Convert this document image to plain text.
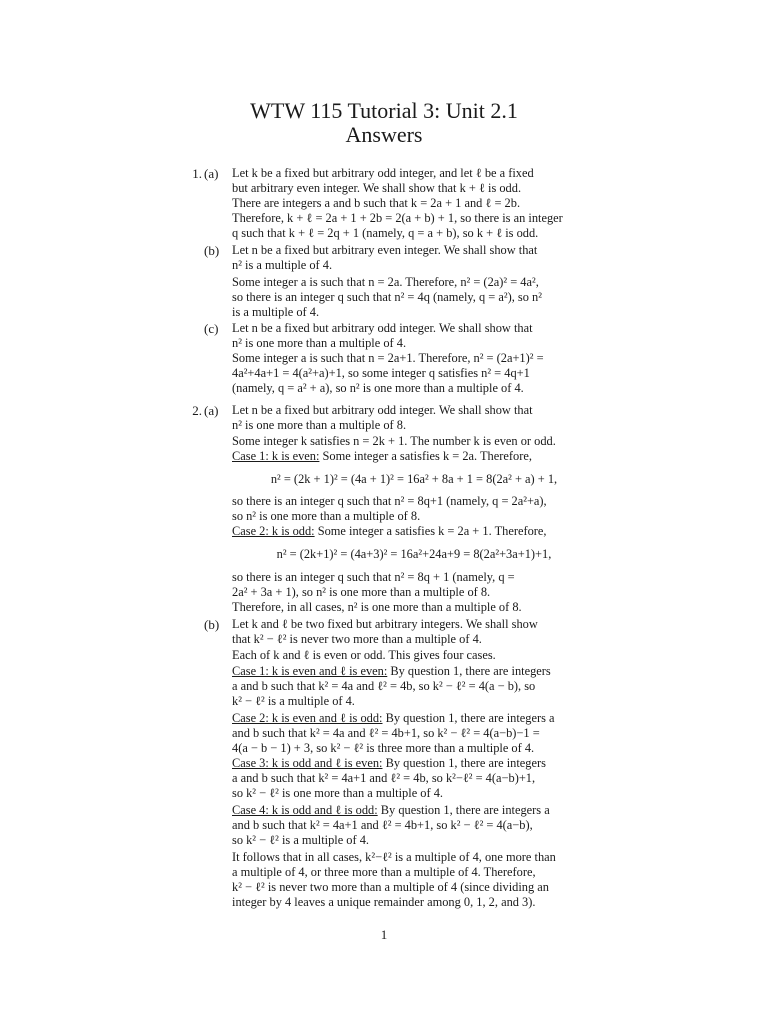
WTW 115 Tutorial 3: Unit 2.1
Answers
1. (a)	Let k be a fixed but arbitrary odd integer, and let ℓ be a fixed
but arbitrary even integer. We shall show that k + ℓ is odd.
There are integers a and b such that k = 2a + 1 and ℓ = 2b.
Therefore, k + ℓ = 2a + 1 + 2b = 2(a + b) + 1, so there is an integer
q such that k + ℓ = 2q + 1 (namely, q = a + b), so k + ℓ is odd.
(b)	Let n be a fixed but arbitrary even integer. We shall show that
n² is a multiple of 4.
Some integer a is such that n = 2a. Therefore, n² = (2a)² = 4a²,
so there is an integer q such that n² = 4q (namely, q = a²), so n²
is a multiple of 4.
(c)	Let n be a fixed but arbitrary odd integer. We shall show that
n² is one more than a multiple of 4.
Some integer a is such that n = 2a+1. Therefore, n² = (2a+1)² =
4a²+4a+1 = 4(a²+a)+1, so some integer q satisfies n² = 4q+1
(namely, q = a² + a), so n² is one more than a multiple of 4.
2. (a)	Let n be a fixed but arbitrary odd integer. We shall show that
n² is one more than a multiple of 8.
Some integer k satisfies n = 2k + 1. The number k is even or odd.
Case 1: k is even: Some integer a satisfies k = 2a. Therefore,
n² = (2k + 1)² = (4a + 1)² = 16a² + 8a + 1 = 8(2a² + a) + 1,
so there is an integer q such that n² = 8q+1 (namely, q = 2a²+a),
so n² is one more than a multiple of 8.
Case 2: k is odd: Some integer a satisfies k = 2a + 1. Therefore,
n² = (2k+1)² = (4a+3)² = 16a²+24a+9 = 8(2a²+3a+1)+1,
so there is an integer q such that n² = 8q + 1 (namely, q =
2a² + 3a + 1), so n² is one more than a multiple of 8.
Therefore, in all cases, n² is one more than a multiple of 8.
(b)	Let k and ℓ be two fixed but arbitrary integers. We shall show
that k² − ℓ² is never two more than a multiple of 4.
Each of k and ℓ is even or odd. This gives four cases.
Case 1: k is even and ℓ is even: By question 1, there are integers
a and b such that k² = 4a and ℓ² = 4b, so k² − ℓ² = 4(a − b), so
k² − ℓ² is a multiple of 4.
Case 2: k is even and ℓ is odd: By question 1, there are integers a
and b such that k² = 4a and ℓ² = 4b+1, so k² − ℓ² = 4(a−b)−1 =
4(a − b − 1) + 3, so k² − ℓ² is three more than a multiple of 4.
Case 3: k is odd and ℓ is even: By question 1, there are integers
a and b such that k² = 4a+1 and ℓ² = 4b, so k²−ℓ² = 4(a−b)+1,
so k² − ℓ² is one more than a multiple of 4.
Case 4: k is odd and ℓ is odd: By question 1, there are integers a
and b such that k² = 4a+1 and ℓ² = 4b+1, so k² − ℓ² = 4(a−b),
so k² − ℓ² is a multiple of 4.
It follows that in all cases, k²−ℓ² is a multiple of 4, one more than
a multiple of 4, or three more than a multiple of 4. Therefore,
k² − ℓ² is never two more than a multiple of 4 (since dividing an
integer by 4 leaves a unique remainder among 0, 1, 2, and 3).
1
